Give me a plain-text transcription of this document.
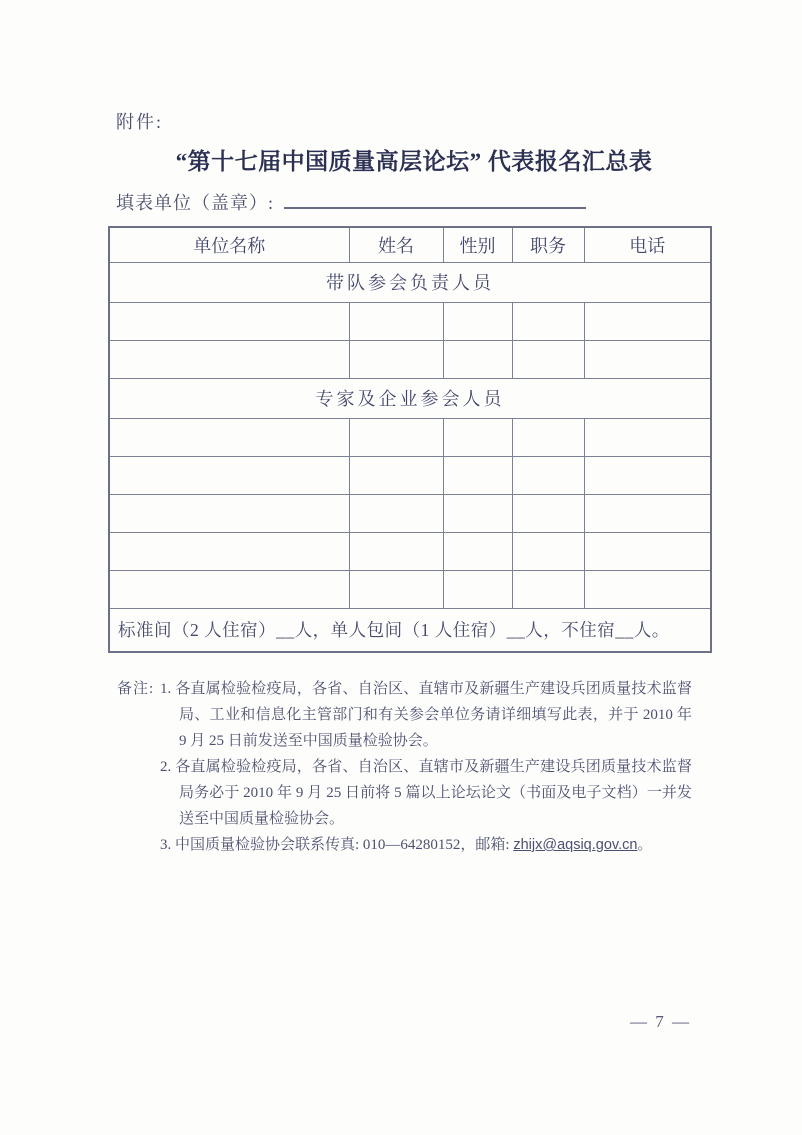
附件:
“第十七届中国质量高层论坛” 代表报名汇总表
填表单位（盖章）:
单位名称	姓名	性别	职务	电话
带队参会负责人员				

专家及企业参会人员				

标准间（2 人住宿）__人，单人包间（1 人住宿）__人，不住宿__人。				
备注: 1. 各直属检验检疫局，各省、自治区、直辖市及新疆生产建设兵团质量技术监督局、工业和信息化主管部门和有关参会单位务请详细填写此表，并于 2010 年 9 月 25 日前发送至中国质量检验协会。
2. 各直属检验检疫局，各省、自治区、直辖市及新疆生产建设兵团质量技术监督局务必于 2010 年 9 月 25 日前将 5 篇以上论坛论文（书面及电子文档）一并发送至中国质量检验协会。
3. 中国质量检验协会联系传真: 010—64280152，邮箱: zhijx@aqsiq.gov.cn。
— 7 —
